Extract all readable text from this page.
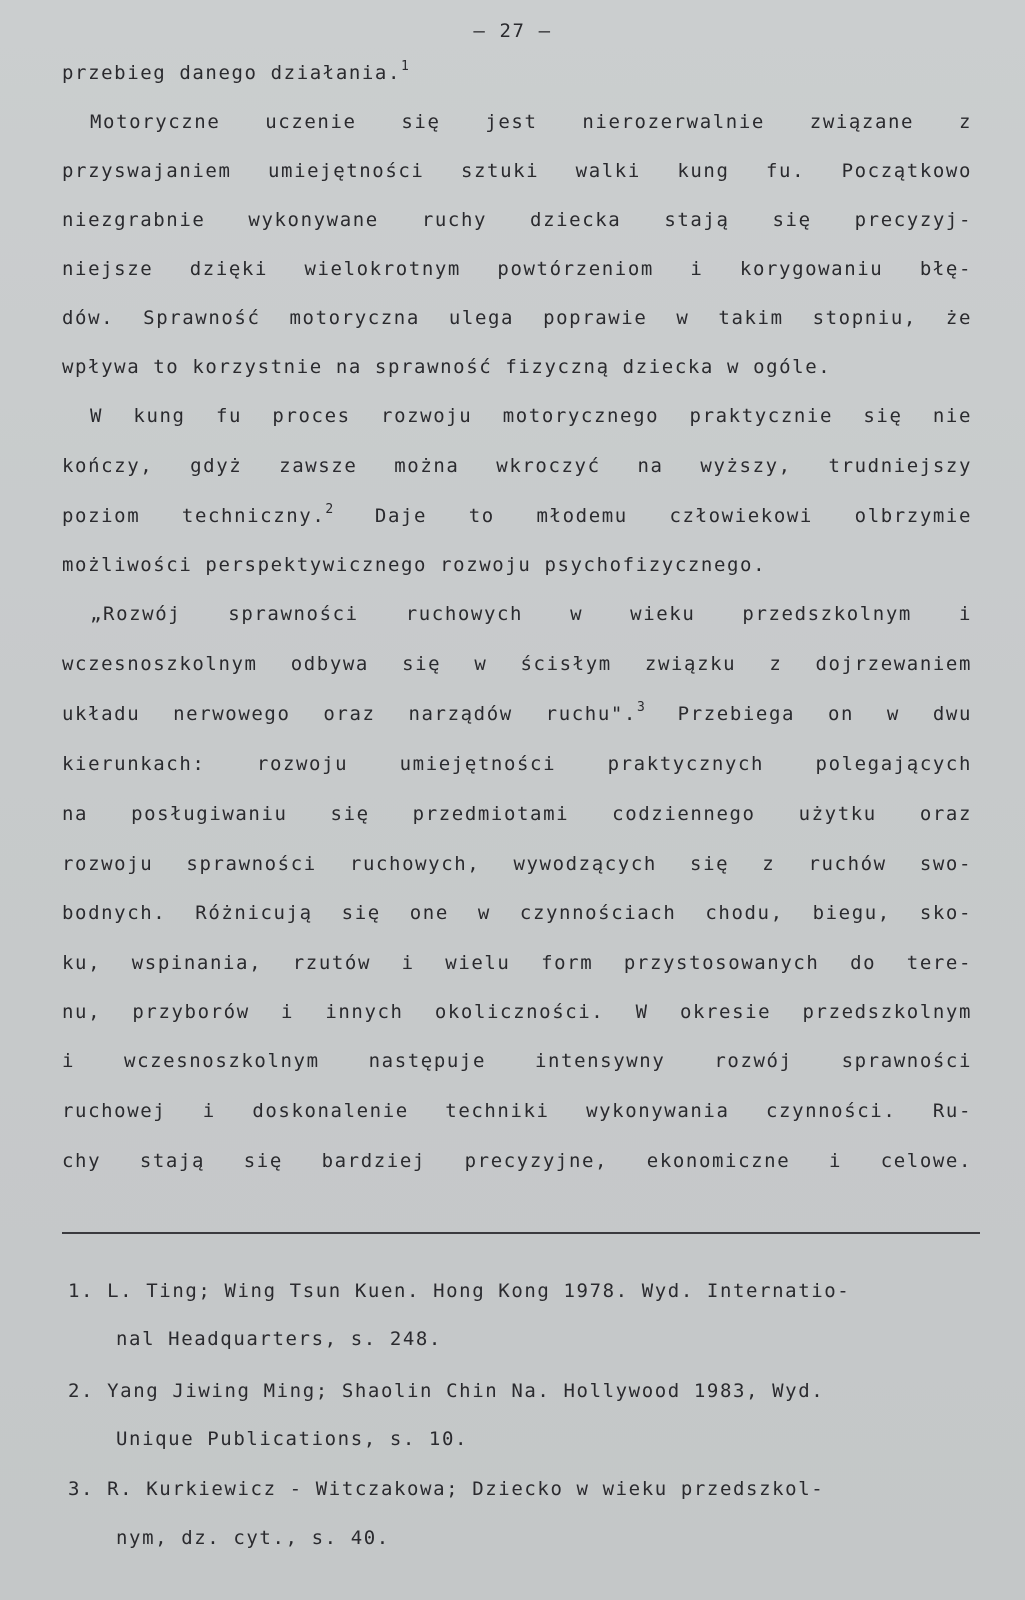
— 27 —
przebieg danego działania.$^1$
Motoryczne uczenie się jest nierozerwalnie związane z
przyswajaniem umiejętności sztuki walki kung fu. Początkowo
niezgrabnie wykonywane ruchy dziecka stają się precyzyj-
niejsze dzięki wielokrotnym powtórzeniom i korygowaniu błę-
dów. Sprawność motoryczna ulega poprawie w takim stopniu, że
wpływa to korzystnie na sprawność fizyczną dziecka w ogóle.
W kung fu proces rozwoju motorycznego praktycznie się nie
kończy, gdyż zawsze można wkroczyć na wyższy, trudniejszy
poziom techniczny.$^2$ Daje to młodemu człowiekowi olbrzymie
możliwości perspektywicznego rozwoju psychofizycznego.
„Rozwój sprawności ruchowych w wieku przedszkolnym i
wczesnoszkolnym odbywa się w ścisłym związku z dojrzewaniem
układu nerwowego oraz narządów ruchu".$^3$ Przebiega on w dwu
kierunkach: rozwoju umiejętności praktycznych polegających
na posługiwaniu się przedmiotami codziennego użytku oraz
rozwoju sprawności ruchowych, wywodzących się z ruchów swo-
bodnych. Różnicują się one w czynnościach chodu, biegu, sko-
ku, wspinania, rzutów i wielu form przystosowanych do tere-
nu, przyborów i innych okoliczności. W okresie przedszkolnym
i wczesnoszkolnym następuje intensywny rozwój sprawności
ruchowej i doskonalenie techniki wykonywania czynności. Ru-
chy stają się bardziej precyzyjne, ekonomiczne i celowe.
1. L. Ting; Wing Tsun Kuen. Hong Kong 1978. Wyd. Internatio-
nal Headquarters, s. 248.
2. Yang Jiwing Ming; Shaolin Chin Na. Hollywood 1983, Wyd.
Unique Publications, s. 10.
3. R. Kurkiewicz - Witczakowa; Dziecko w wieku przedszkol-
nym, dz. cyt., s. 40.
